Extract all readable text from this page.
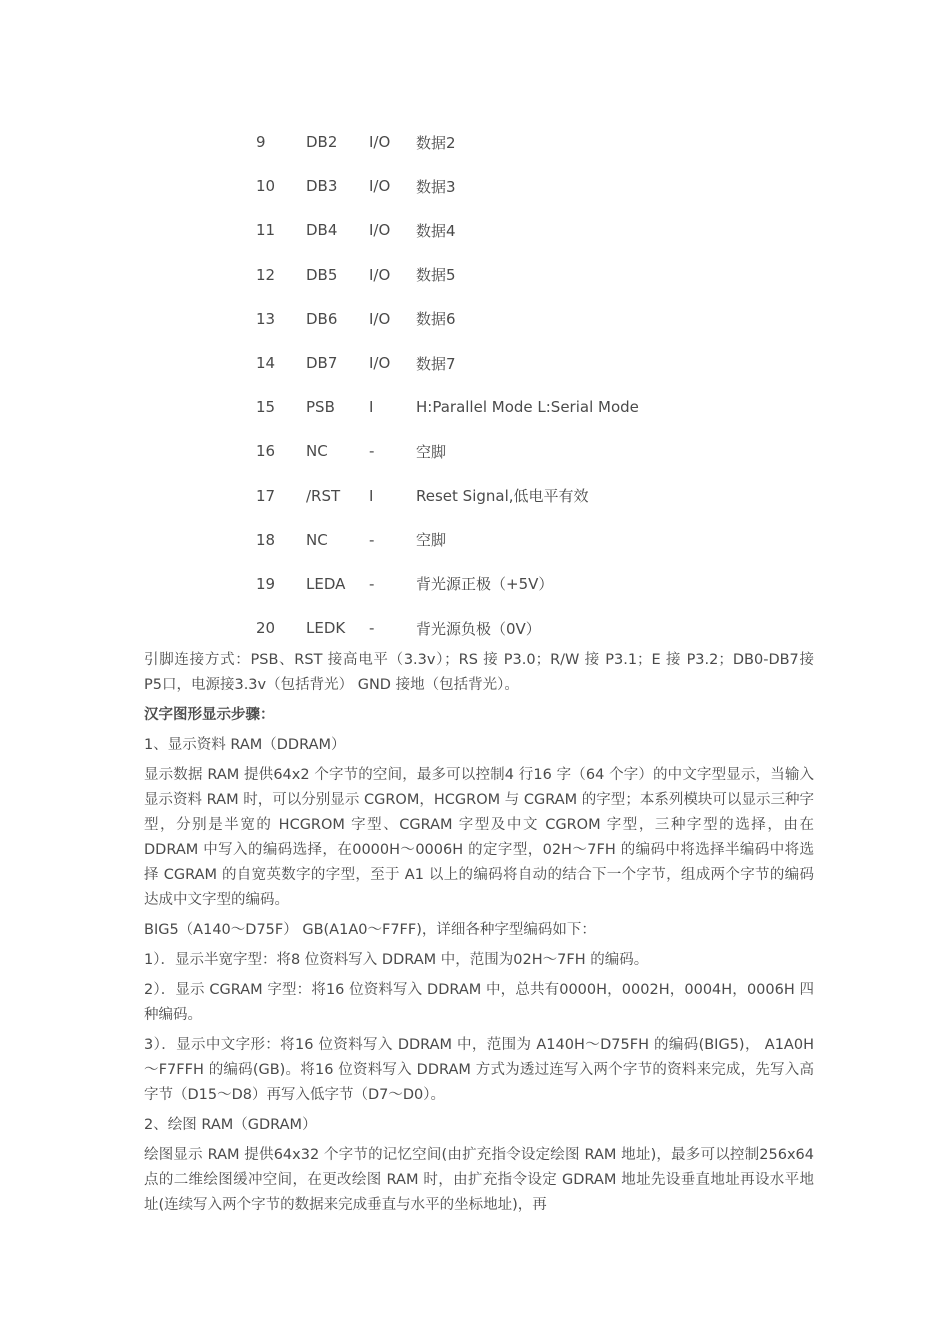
9	DB2	I/O	数据2
10	DB3	I/O	数据3
11	DB4	I/O	数据4
12	DB5	I/O	数据5
13	DB6	I/O	数据6
14	DB7	I/O	数据7
15	PSB	I	H:Parallel Mode L:Serial Mode
16	NC	-	空脚
17	/RST	I	Reset Signal,低电平有效
18	NC	-	空脚
19	LEDA	-	背光源正极（+5V）
20	LEDK	-	背光源负极（0V）

引脚连接方式：PSB、RST 接高电平（3.3v）；RS 接 P3.0；R/W 接 P3.1；E 接 P3.2；DB0-DB7接 P5口，电源接3.3v（包括背光） GND 接地（包括背光）。

汉字图形显示步骤：

1、显示资料 RAM（DDRAM）

显示数据 RAM 提供64x2 个字节的空间，最多可以控制4 行16 字（64 个字）的中文字型显示，当输入显示资料 RAM 时，可以分别显示 CGROM，HCGROM 与 CGRAM 的字型；本系列模块可以显示三种字型，分别是半宽的 HCGROM 字型、CGRAM 字型及中文 CGROM 字型，三种字型的选择，由在 DDRAM 中写入的编码选择，在0000H～0006H 的定字型，02H～7FH 的编码中将选择半编码中将选择 CGRAM 的自宽英数字的字型，至于 A1 以上的编码将自动的结合下一个字节，组成两个字节的编码达成中文字型的编码。

BIG5（A140～D75F） GB(A1A0～F7FF)，详细各种字型编码如下：

1）．显示半宽字型：将8 位资料写入 DDRAM 中，范围为02H～7FH 的编码。

2）．显示 CGRAM 字型：将16 位资料写入 DDRAM 中，总共有0000H，0002H，0004H，0006H 四种编码。

3）．显示中文字形：将16 位资料写入 DDRAM 中，范围为 A140H～D75FH 的编码(BIG5)， A1A0H～F7FFH 的编码(GB)。将16 位资料写入 DDRAM 方式为透过连写入两个字节的资料来完成，先写入高字节（D15～D8）再写入低字节（D7～D0）。

2、绘图 RAM（GDRAM）

绘图显示 RAM 提供64x32 个字节的记忆空间(由扩充指令设定绘图 RAM 地址)，最多可以控制256x64点的二维绘图缓冲空间，在更改绘图 RAM 时，由扩充指令设定 GDRAM 地址先设垂直地址再设水平地址(连续写入两个字节的数据来完成垂直与水平的坐标地址)，再
